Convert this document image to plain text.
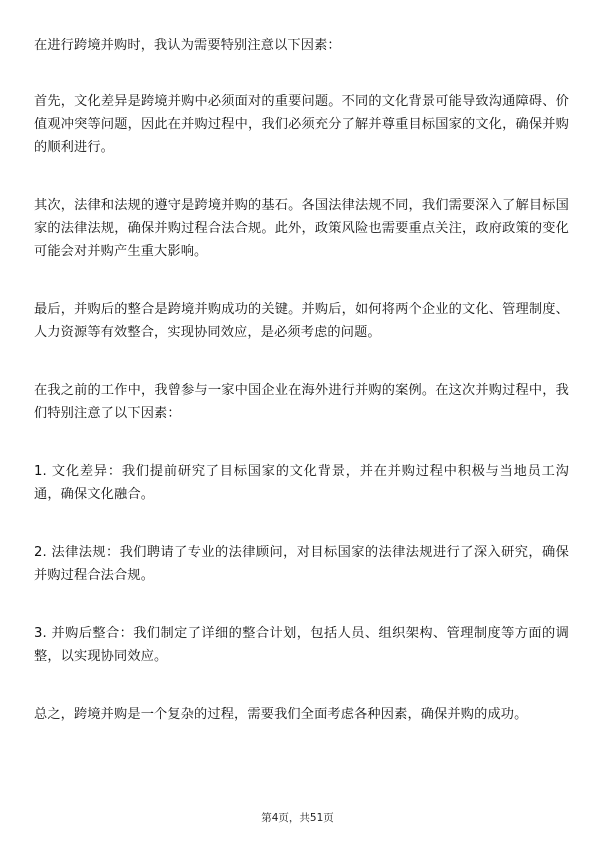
在进行跨境并购时，我认为需要特别注意以下因素：

首先，文化差异是跨境并购中必须面对的重要问题。不同的文化背景可能导致沟通障碍、价值观冲突等问题，因此在并购过程中，我们必须充分了解并尊重目标国家的文化，确保并购的顺利进行。

其次，法律和法规的遵守是跨境并购的基石。各国法律法规不同，我们需要深入了解目标国家的法律法规，确保并购过程合法合规。此外，政策风险也需要重点关注，政府政策的变化可能会对并购产生重大影响。

最后，并购后的整合是跨境并购成功的关键。并购后，如何将两个企业的文化、管理制度、人力资源等有效整合，实现协同效应，是必须考虑的问题。

在我之前的工作中，我曾参与一家中国企业在海外进行并购的案例。在这次并购过程中，我们特别注意了以下因素：

1. 文化差异：我们提前研究了目标国家的文化背景，并在并购过程中积极与当地员工沟通，确保文化融合。

2. 法律法规：我们聘请了专业的法律顾问，对目标国家的法律法规进行了深入研究，确保并购过程合法合规。

3. 并购后整合：我们制定了详细的整合计划，包括人员、组织架构、管理制度等方面的调整，以实现协同效应。

总之，跨境并购是一个复杂的过程，需要我们全面考虑各种因素，确保并购的成功。

第4页，共51页
